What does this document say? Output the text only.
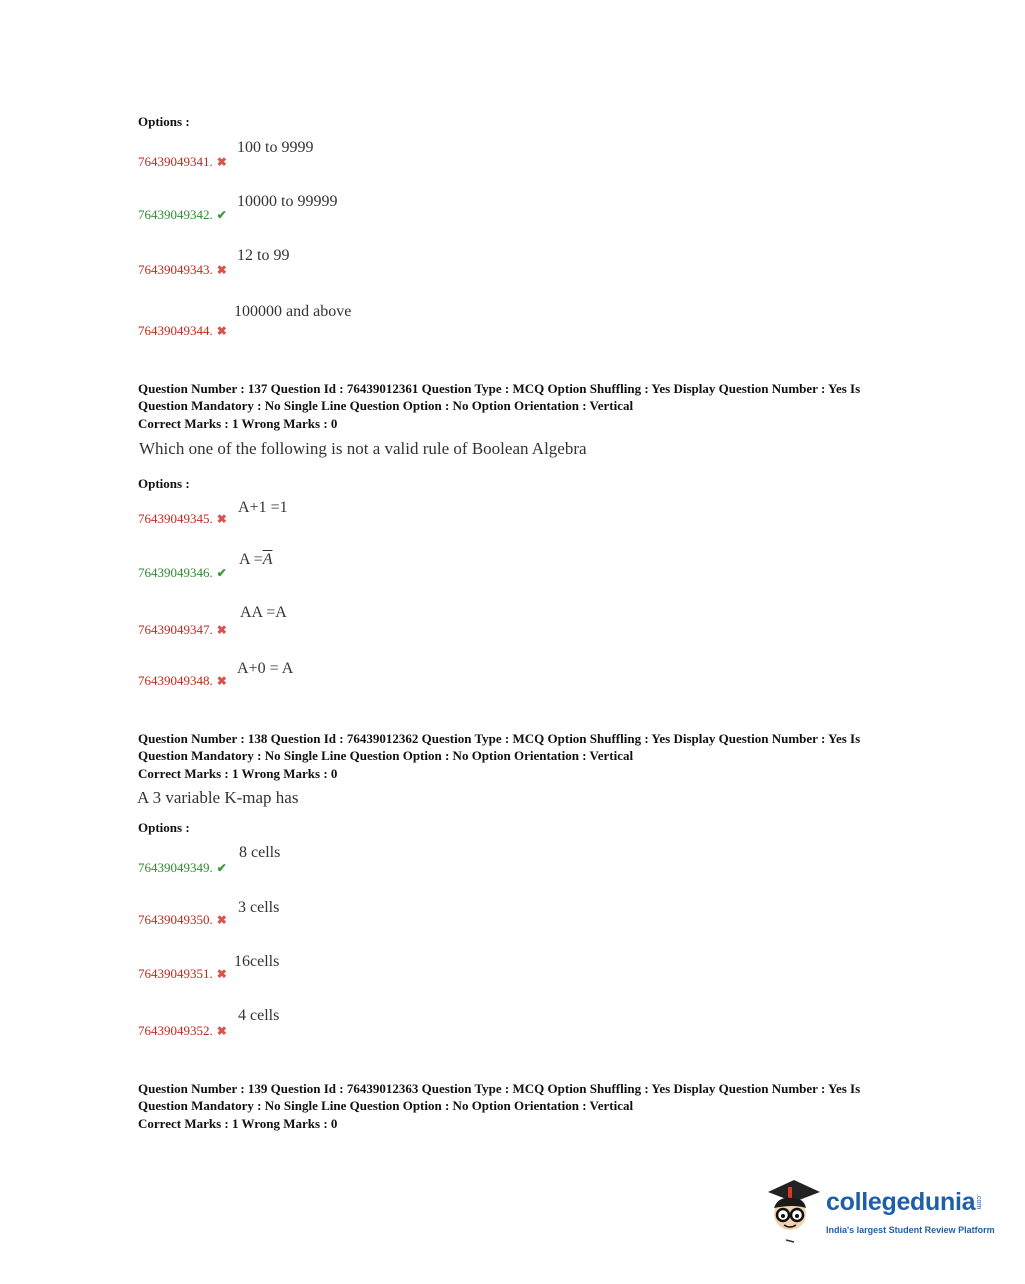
Options :
100 to 9999
76439049341. ✖
10000 to 99999
76439049342. ✔
12 to 99
76439049343. ✖
100000 and above
76439049344. ✖
Question Number : 137 Question Id : 76439012361 Question Type : MCQ Option Shuffling : Yes Display Question Number : Yes Is
Question Mandatory : No Single Line Question Option : No Option Orientation : Vertical
Correct Marks : 1 Wrong Marks : 0
Which one of the following is not a valid rule of Boolean Algebra
Options :
A+1 =1
76439049345. ✖
$A =\overline{A}$
76439049346. ✔
AA =A
76439049347. ✖
A+0 = A
76439049348. ✖
Question Number : 138 Question Id : 76439012362 Question Type : MCQ Option Shuffling : Yes Display Question Number : Yes Is
Question Mandatory : No Single Line Question Option : No Option Orientation : Vertical
Correct Marks : 1 Wrong Marks : 0
A 3 variable K-map has
Options :
8 cells
76439049349. ✔
3 cells
76439049350. ✖
16cells
76439049351. ✖
4 cells
76439049352. ✖
Question Number : 139 Question Id : 76439012363 Question Type : MCQ Option Shuffling : Yes Display Question Number : Yes Is
Question Mandatory : No Single Line Question Option : No Option Orientation : Vertical
Correct Marks : 1 Wrong Marks : 0
collegedunia .com
India's largest Student Review Platform
